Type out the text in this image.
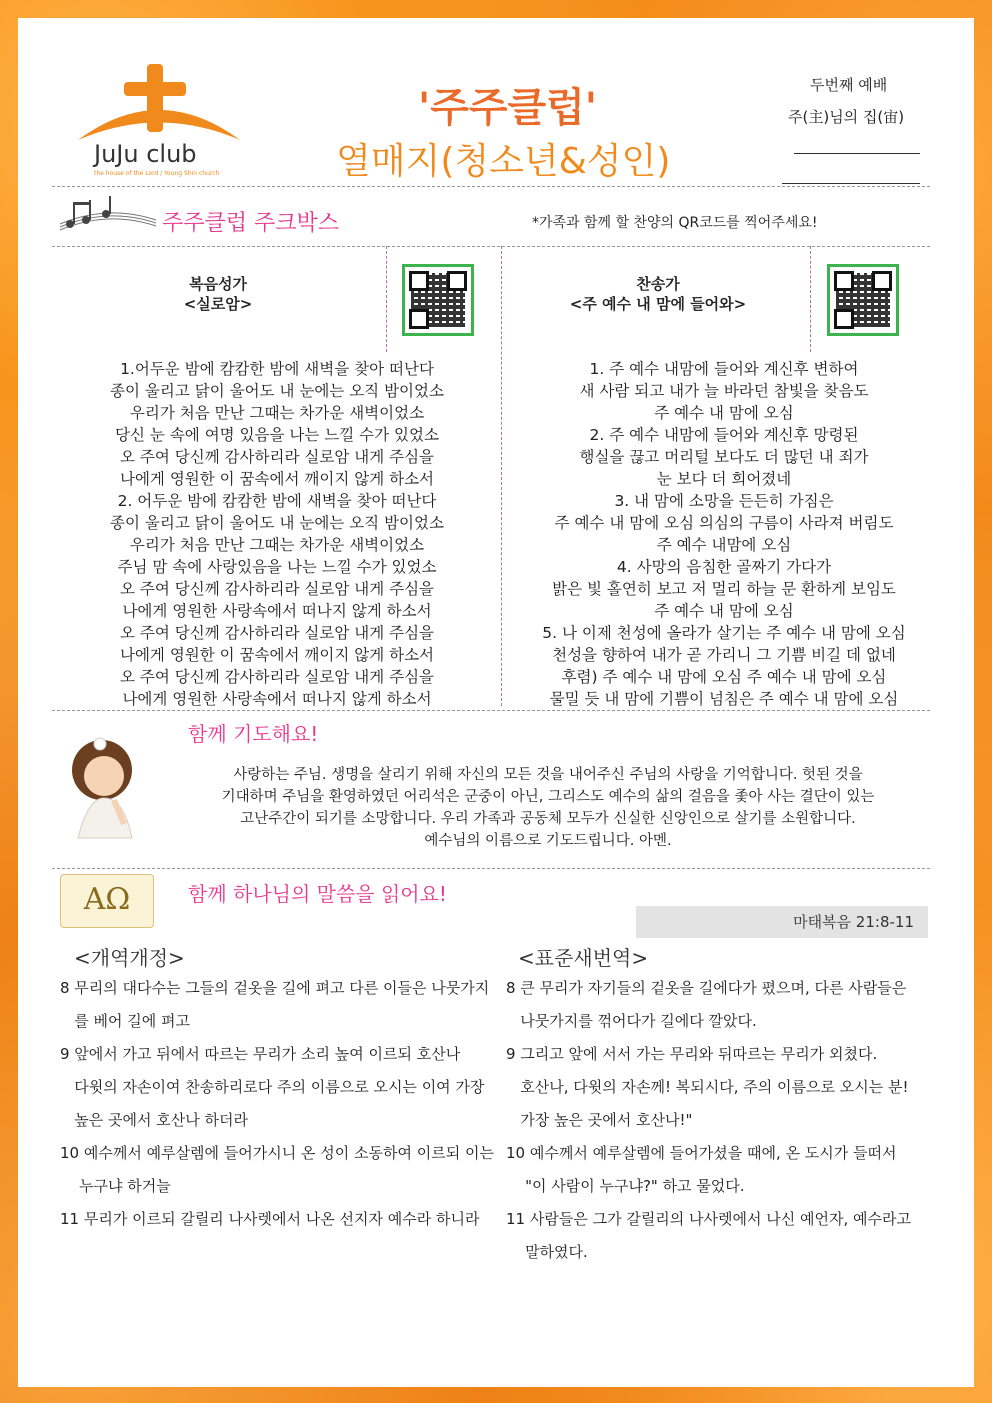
JuJu club
the house of the Lord / Young Shin church
'주주클럽'
열매지(청소년&성인)
두번째 예배
주(主)님의 집(宙)
주주클럽 주크박스	*가족과 함께 할 찬양의 QR코드를 찍어주세요!
복음성가
<실로암>
찬송가
<주 예수 내 맘에 들어와>
1.어두운 밤에 캄캄한 밤에 새벽을 찾아 떠난다
종이 울리고 닭이 울어도 내 눈에는 오직 밤이었소
우리가 처음 만난 그때는 차가운 새벽이었소
당신 눈 속에 여명 있음을 나는 느낄 수가 있었소
오 주여 당신께 감사하리라 실로암 내게 주심을
나에게 영원한 이 꿈속에서 깨이지 않게 하소서
2. 어두운 밤에 캄캄한 밤에 새벽을 찾아 떠난다
종이 울리고 닭이 울어도 내 눈에는 오직 밤이었소
우리가 처음 만난 그때는 차가운 새벽이었소
주님 맘 속에 사랑있음을 나는 느낄 수가 있었소
오 주여 당신께 감사하리라 실로암 내게 주심을
나에게 영원한 사랑속에서 떠나지 않게 하소서
오 주여 당신께 감사하리라 실로암 내게 주심을
나에게 영원한 이 꿈속에서 깨이지 않게 하소서
오 주여 당신께 감사하리라 실로암 내게 주심을
나에게 영원한 사랑속에서 떠나지 않게 하소서
1. 주 예수 내맘에 들어와 계신후 변하여
새 사람 되고 내가 늘 바라던 참빛을 찾음도
주 예수 내 맘에 오심
2. 주 예수 내맘에 들어와 계신후 망령된
행실을 끊고 머리털 보다도 더 많던 내 죄가
눈 보다 더 희어졌네
3. 내 맘에 소망을 든든히 가짐은
주 예수 내 맘에 오심 의심의 구름이 사라져 버림도
주 예수 내맘에 오심
4. 사망의 음침한 골짜기 가다가
밝은 빛 홀연히 보고 저 멀리 하늘 문 환하게 보임도
주 예수 내 맘에 오심
5. 나 이제 천성에 올라가 살기는 주 예수 내 맘에 오심
천성을 향하여 내가 곧 가리니 그 기쁨 비길 데 없네
후렴) 주 예수 내 맘에 오심 주 예수 내 맘에 오심
물밀 듯 내 맘에 기쁨이 넘침은 주 예수 내 맘에 오심
함께 기도해요!
사랑하는 주님. 생명을 살리기 위해 자신의 모든 것을 내어주신 주님의 사랑을 기억합니다. 헛된 것을
기대하며 주님을 환영하였던 어리석은 군중이 아닌, 그리스도 예수의 삶의 걸음을 좇아 사는 결단이 있는
고난주간이 되기를 소망합니다. 우리 가족과 공동체 모두가 신실한 신앙인으로 살기를 소원합니다.
예수님의 이름으로 기도드립니다. 아멘.
AΩ	함께 하나님의 말씀을 읽어요!
마태복음 21:8-11
<개역개정>	<표준새번역>
8 무리의 대다수는 그들의 겉옷을 길에 펴고 다른 이들은 나뭇가지
를 베어 길에 펴고
9 앞에서 가고 뒤에서 따르는 무리가 소리 높여 이르되 호산나
다윗의 자손이여 찬송하리로다 주의 이름으로 오시는 이여 가장
높은 곳에서 호산나 하더라
10 예수께서 예루살렘에 들어가시니 온 성이 소동하여 이르되 이는
누구냐 하거늘
11 무리가 이르되 갈릴리 나사렛에서 나온 선지자 예수라 하니라
8 큰 무리가 자기들의 겉옷을 길에다가 폈으며, 다른 사람들은
나뭇가지를 꺾어다가 길에다 깔았다.
9 그리고 앞에 서서 가는 무리와 뒤따르는 무리가 외쳤다.
호산나, 다윗의 자손께! 복되시다, 주의 이름으로 오시는 분!
가장 높은 곳에서 호산나!"
10 예수께서 예루살렘에 들어가셨을 때에, 온 도시가 들떠서
"이 사람이 누구냐?" 하고 물었다.
11 사람들은 그가 갈릴리의 나사렛에서 나신 예언자, 예수라고
말하였다.
